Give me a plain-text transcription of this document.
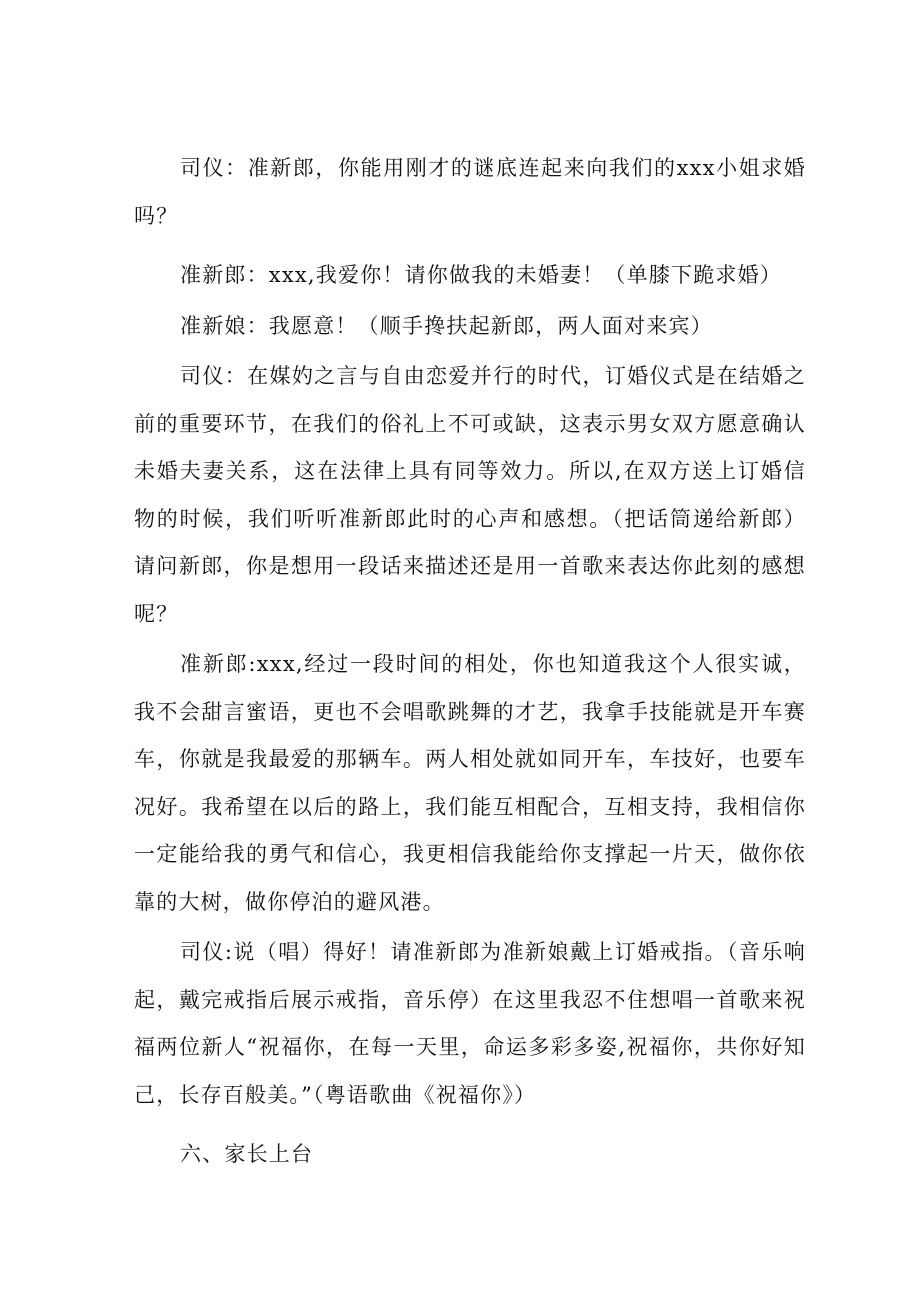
司仪：准新郎，你能用刚才的谜底连起来向我们的xxx小姐求婚吗？

准新郎：xxx,我爱你！请你做我的未婚妻！（单膝下跪求婚）

准新娘：我愿意！（顺手搀扶起新郎，两人面对来宾）

司仪：在媒妁之言与自由恋爱并行的时代，订婚仪式是在结婚之前的重要环节，在我们的俗礼上不可或缺，这表示男女双方愿意确认未婚夫妻关系，这在法律上具有同等效力。所以,在双方送上订婚信物的时候，我们听听准新郎此时的心声和感想。（把话筒递给新郎）请问新郎，你是想用一段话来描述还是用一首歌来表达你此刻的感想呢？

准新郎:xxx,经过一段时间的相处，你也知道我这个人很实诚，我不会甜言蜜语，更也不会唱歌跳舞的才艺，我拿手技能就是开车赛车，你就是我最爱的那辆车。两人相处就如同开车，车技好，也要车况好。我希望在以后的路上，我们能互相配合，互相支持，我相信你一定能给我的勇气和信心，我更相信我能给你支撑起一片天，做你依靠的大树，做你停泊的避风港。

司仪:说（唱）得好！请准新郎为准新娘戴上订婚戒指。（音乐响起，戴完戒指后展示戒指，音乐停）在这里我忍不住想唱一首歌来祝福两位新人“祝福你，在每一天里，命运多彩多姿,祝福你，共你好知己，长存百般美。”（粤语歌曲《祝福你》）

六、家长上台
